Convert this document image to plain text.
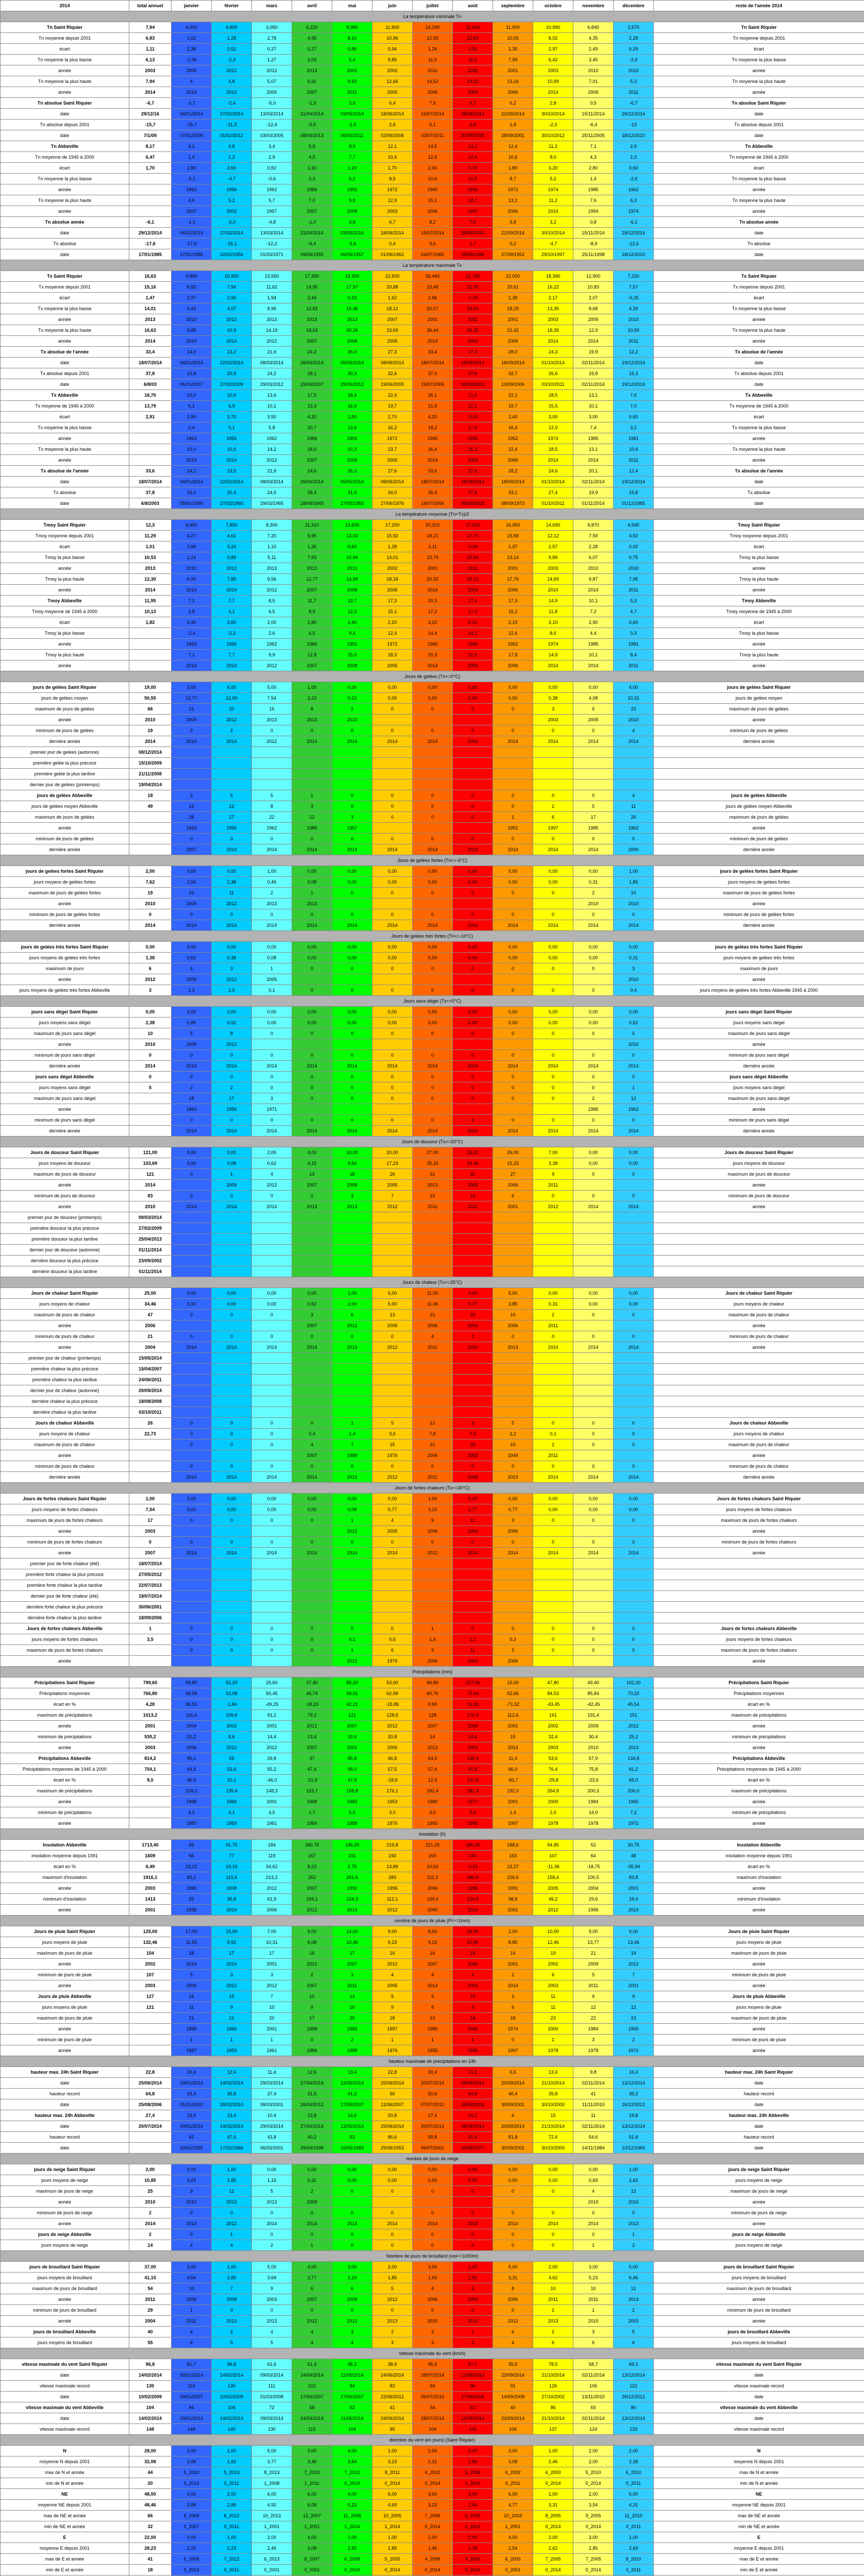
2014	total annuel	janvier	février	mars	avril	mai	juin	juillet	août	septembre	octobre	novembre	décembre	reste de l'année 2014
La température minimale Tn														
Tn Saint Riquier	7,94	4,000	4,800	3,050	5,220	8,960	11,900	14,190	12,640	11,900	10,990	6,840	2,570	Tn Saint Riquier
Tn moyenne depuis 2001	6,83	1,62	1,28	2,78	4,95	8,10	10,96	12,93	12,63	10,55	8,02	4,35	2,28	Tn moyenne depuis 2001
écart	1,11	2,38	3,52	0,27	0,27	0,86	0,94	1,26	0,01	1,35	2,97	2,49	0,29	écart
Tn moyenne la plus basse	6,13	-1,96	-2,3	1,27	3,03	5,4	9,85	11,5	11,2	7,99	6,42	3,45	-2,9	Tn moyenne la plus basse
année	2003	2009	2012	2013	2013	2001	2002	2011	2005	2001	2003	2010	2010	année
Tn moyenne la plus haute	7,94	4	4,8	5,07	6,91	9,93	12,66	14,52	14,02	13,16	10,99	7,01	5,3	Tn moyenne la plus haute
année	2014	2014	2014	2005	2007	2011	2005	2006	2004	2006	2014	2006	2011	année
Tn absolue Saint Riquier	-6,7	-1,7	-2,4	-5,0	-1,3	3,6	6,4	7,9	6,7	6,2	2,8	0,5	-6,7	Tn absolue Saint Riquier
date	29/12/16	04/01/2014	27/02/2014	13/03/2014	21/04/2014	03/05/2014	18/06/2014	15/07/2014	25/08/2014	21/09/2014	30/10/2014	15/11/2014	29/12/2014	date
Tn absolue depuis 2001	-15,7	-15,7	-11,3	-12,4	-5,5	-1,9	2,8	5,1	3,8	1,8	-2,3	-6,4	-13	Tn absolue depuis 2001
date	7/1/09	07/01/2009	01/02/2012	03/03/2005	08/04/2013	06/05/2011	02/06/2006	03/07/2011	30/08/2006	28/09/2001	30/10/2012	25/11/2005	18/12/2010	date
Tn Abbeville	8,17	4,2	4,8	3,4	5,8	8,9	12,1	14,5	13,1	12,4	11,2	7,1	2,9	Tn Abbeville
Tn moyenne de 1945 à 2000	6,47	1,4	1,3	2,9	4,5	7,7	10,4	12,5	12,4	10,6	8,0	4,3	2,3	Tn moyenne de 1945 à 2000
écart	1,70	2,80	3,50	0,50	1,30	1,20	1,70	2,00	0,70	1,80	3,20	2,80	0,60	écart
Tn moyenne la plus basse		-5,1	-4,7	-0,6	2,3	5,2	8,5	10,6	10,5	8,7	5,2	1,4	-2,6	Tn moyenne la plus basse
année		1963	1956	1962	1986	1991	1972	1965	1956	1972	1974	1985	1962	année
Tn moyenne la plus haute		4,6	5,2	5,7	7,0	9,8	12,9	15,1	14,7	13,2	11,2	7,6	6,3	Tn moyenne la plus haute
année		2007	2002	1957	2007	2008	2003	2006	1997	2006	2014	1994	1974	année
Tn absolue année	-6,1	-1,5	-2,0	-4,8	-1,0	3,8	6,7	8,2	7,0	6,8	3,2	0,8	-6,1	Tn absolue année
date	29/12/2014	04/01/2014	27/02/2014	13/03/2014	21/04/2014	03/05/2014	18/06/2014	15/07/2014	25/08/2014	21/09/2014	30/10/2014	15/11/2014	29/12/2014	date
Tn absolue	-17,6	-17,6	-15,1	-12,2	-6,4	-3,6	0,4	3,6	2,7	0,2	-4,7	-8,9	-12,6	Tn absolue
date	17/01/1985	17/01/1985	02/02/1956	01/03/1971	09/04/1955	06/05/1957	01/06/1962	04/07/1965	29/08/1986	27/09/1952	29/10/1997	25/11/1998	18/12/2010	date
La température maximale Tx														
Tx Saint Riquier	16,63	9,890	10,900	13,560	17,390	18,300	22,500	26,440	21,760	22,000	18,390	12,900	7,320	Tx Saint Riquier
Tx moyenne depuis 2001	15,16	6,92	7,94	11,62	14,95	17,97	20,88	23,48	22,76	20,61	16,22	10,83	7,57	Tx moyenne depuis 2001
écart	1,47	2,97	2,96	1,94	2,44	0,33	1,62	2,96	-1,00	1,39	2,17	2,07	-0,25	écart
Tx moyenne la plus basse	14,01	4,43	4,07	8,96	12,82	15,46	18,12	20,07	19,53	18,29	13,35	8,68	4,39	Tx moyenne la plus basse
année	2013	2010	2012	2013	2013	2013	2007	2001	2011	2001	2003	2005	2010	année
Tx moyenne la plus haute	16,63	9,89	10,9	14,19	18,63	20,26	23,69	26,44	26,25	22,42	18,39	12,9	10,59	Tx moyenne la plus haute
année	2014	2014	2014	2012	2007	2008	2005	2014	2003	2006	2014	2014	2011	année
Tx absolue de l'année	33,4	14,0	13,2	21,6	24,2	26,0	27,3	33,4	27,3	28,0	24,3	19,9	12,2	Tx absolue de l'année
date	18/07/2014	04/01/2014	22/02/2014	08/03/2014	26/04/2014	05/05/2014	08/06/2014	18/07/2014	16/08/2014	18/09/2014	01/10/2014	02/11/2014	19/12/2014	date
Tx absolue depuis 2001	37,8	15,8	20,9	24,2	28,1	30,3	32,6	37,5	37,8	32,7	26,6	19,8	15,3	Tx absolue depuis 2001
date	6/8/03	05/01/2007	27/02/2009	29/03/2012	15/04/2007	25/05/2012	19/06/2005	19/07/2006	06/08/2003	13/09/2006	03/10/2011	02/11/2014	19/12/2014	date
Tx Abbeville	16,70	10,0	10,6	13,6	17,5	18,4	22,4	26,1	21,6	22,1	18,5	13,1	7,6	Tx Abbeville
Tx moyenne de 1945 à 2000	13,79	6,1	6,9	10,1	13,3	16,9	19,7	21,9	22,1	19,7	15,5	10,1	7,0	Tx moyenne de 1945 à 2000
écart	2,91	3,90	3,70	3,50	4,20	1,50	2,70	4,20	-0,50	2,40	3,00	3,00	0,60	écart
Tx moyenne la plus basse		0,4	0,1	5,8	10,7	13,6	16,2	18,2	17,9	16,4	12,0	7,4	3,2	Tx moyenne la plus basse
année		1963	1956	1962	1986	1991	1972	1965	1956	1952	1974	1985	1981	année
Tx moyenne la plus haute		10,0	10,6	14,2	18,6	20,3	23,7	26,4	26,3	22,4	18,5	13,1	10,6	Tx moyenne la plus haute
année		2014	2014	2012	2007	2008	2005	2014	2003	2006	2014	2014	2011	année
Tx absolue de l'année	33,6	14,2	13,5	21,9	24,6	26,3	27,6	33,6	27,6	28,2	24,6	20,1	12,4	Tx absolue de l'année
date	18/07/2014	04/01/2014	22/02/2014	08/03/2014	26/04/2014	05/05/2014	08/06/2014	18/07/2014	16/08/2014	18/09/2014	01/10/2014	02/11/2014	19/12/2014	date
Tx absolue	37,8	15,2	20,4	24,5	28,4	31,0	34,0	36,4	37,8	33,1	27,4	19,9	15,8	Tx absolue
date	6/8/2003	05/01/1999	27/02/1960	29/03/1965	18/04/1949	27/05/1953	27/06/1976	19/07/2006	06/08/2003	08/09/1973	01/10/2011	01/11/2014	01/12/1985	date
La température moyenne (Tn+Tx)/2														
Tmoy Saint Riquier	12,3	6,950	7,850	8,300	11,310	13,630	17,200	20,315	17,200	16,950	14,690	9,870	4,945	Tmoy Saint Riquier
Tmoy moyenne depuis 2001	11,29	4,27	4,61	7,20	9,95	13,03	15,92	18,21	17,70	15,58	12,12	7,59	4,92	Tmoy moyenne depuis 2001
écart	1,01	2,68	3,24	1,10	1,36	0,60	1,28	2,11	-0,50	1,37	2,57	2,28	0,02	écart
Tmoy la plus basse	10,53	1,24	0,89	5,11	7,93	10,94	14,01	15,79	15,54	13,14	9,89	6,07	0,75	Tmoy la plus basse
année	2013	2010	2012	2013	2013	2013	2002	2001	2011	2001	2003	2010	2010	année
Tmoy la plus haute	12,30	6,95	7,85	9,56	12,77	14,99	18,18	20,32	20,12	17,79	14,69	9,87	7,95	Tmoy la plus haute
année	2014	2014	2014	2012	2007	2008	2005	2014	2003	2006	2014	2014	2011	année
Tmoy Abbeville	11,95	7,1	7,7	8,5	11,7	13,7	17,3	20,3	17,4	17,3	14,9	10,1	5,3	Tmoy Abbeville
Tmoy moyenne de 1945 à 2000	10,13	3,8	4,1	6,5	8,9	12,3	15,1	17,2	17,3	15,2	11,8	7,2	4,7	Tmoy moyenne de 1945 à 2000
écart	1,82	3,30	3,60	2,00	2,80	1,40	2,20	3,10	0,10	2,10	3,10	2,90	0,60	écart
Tmoy la plus basse		-2,4	-2,3	2,6	6,5	9,4	12,4	14,4	14,2	12,6	8,6	4,4	0,3	Tmoy la plus basse
année		1963	1956	1962	1986	1991	1972	1965	1956	1952	1974	1985	1981	année
Tmoy la plus haute		7,1	7,7	9,9	12,8	15,0	18,3	20,3	20,5	17,8	14,9	10,1	8,4	Tmoy la plus haute
année		2014	2014	2012	2007	2008	2005	2014	2003	2006	2014	2014	2011	année
Jours de gelées (Tn<=0°C)														
jours de gelées Saint Riquier	19,00	3,00	6,00	5,00	1,00	0,00	0,00	0,00	0,00	0,00	0,00	0,00	4,00	jours de gelées Saint Riquier
jours de gelées moyen	50,55	12,77	12,00	7,54	3,23	0,23	0,00	0,00	0,00	0,00	0,38	4,08	10,31	jours de gelées moyen
maximum de jours de gelées	66	21	20	15	8	2	0	0	0	0	3	9	23	maximum de jours de gelées
année	2010	2009	2012	2013	2013	2010					2003	2005	2010	année
minimum de jours de gelées	19	3	2	0	0	0	0	0	0	0	0	0	4	minimum de jours de gelées
dernière année	2014	2014	2014	2012	2014	2014	2014	2014	2014	2014	2014	2014	2014	dernière année
premier jour de gelées (automne)	08/12/2014													
première gelée la plus précoce	15/10/2009													
première gelée la plus tardive	21/11/2008													
dernier jour de gelées (printemps)	19/04/2014													
jours de gelées Abbeville	18	3	5	5	1	0	0	0	0	0	0	0	4	jours de gelées Abbeville
jours de gelées moyen Abbeville	49	13	12	8	3	0	0	0	0	0	1	5	11	jours de gelées moyen Abbeville
maximum de jours de gelées		29	27	22	12	3	0	0	0	1	6	17	26	maximum de jours de gelées
année		1963	1956	1962	1986	1957				1952	1997	1985	1962	année
minimum de jours de gelées		0	0	0	0	0	0	0	0	0	0	0	0	minimum de jours de gelées
dernière année		2007	2014	2014	2014	2014	2014	2014	2014	2014	2014	2014	2000	dernière année
Jours de gelées fortes (Tn<=-5°C)														
jours de gelées fortes Saint Riquier	2,00	0,00	0,00	1,00	0,00	0,00	0,00	0,00	0,00	0,00	0,00	0,00	1,00	jours de gelées fortes Saint Riquier
jours moyens de gelées fortes	7,62	2,54	2,38	0,46	0,08	0,00	0,00	0,00	0,00	0,00	0,00	0,31	1,85	jours moyens de gelées fortes
maximum de jours de gelées fortes	19	10	11	2	1	0	0	0	0	0	0	2	10	maximum de jours de gelées fortes
année	2010	2009	2012	2013	2013							2010	2010	année
minimum de jours de gelées fortes	0	0	0	0	0	0	0	0	0	0	0	0	0	minimum de jours de gelées fortes
dernière année	2014	2014	2014	2014	2014	2014	2014	2014	2014	2014	2014	2014	2014	dernière année
Jours de gelées très fortes (Tn<=-10°C)														
jours de gelées très fortes Saint Riquier	0,00	0,00	0,00	0,00	0,00	0,00	0,00	0,00	0,00	0,00	0,00	0,00	0,00	jours de gelées très fortes Saint Riquier
jours moyens de gelées très fortes	1,38	0,62	0,38	0,08	0,00	0,00	0,00	0,00	0,00	0,00	0,00	0,00	0,31	jours moyens de gelées très fortes
maximum de jours	6	4	3	1	0	0	0	0	0	0	0	0	3	maximum de jours
année	2012	2009	2012	2005									2010	année
jours moyens de gelées très fortes Abbeville	3	1,3	1,0	0,1	0	0	0	0	0	0	0	0	0,4	jours moyens de gelées très fortes Abbeville 1945 à 2000
Jours sans dégel (Tx<=0°C)														
jours sans dégel Saint Riquier	0,00	0,00	0,00	0,00	0,00	0,00	0,00	0,00	0,00	0,00	0,00	0,00	0,00	jours sans dégel Saint Riquier
jours moyens sans dégel	2,38	0,85	0,92	0,00	0,00	0,00	0,00	0,00	0,00	0,00	0,00	0,00	0,62	jours moyens sans dégel
maximum de jours sans dégel	10	5	8	0	0	0	0	0	0	0	0	0	5	maximum de jours sans dégel
année	2010	2009	2012										2010	année
minimum de jours sans dégel	0	0	0	0	0	0	0	0	0	0	0	0	0	minimum de jours sans dégel
dernière année	2014	2014	2014	2014	2014	2014	2014	2014	2014	2014	2014	2014	2014	dernière année
jours sans dégel Abbeville	0	0	0	0	0	0	0	0	0	0	0	0	0	jours sans dégel Abbeville
jours moyens sans dégel	5	2	2	0	0	0	0	0	0	0	0	0	1	jours moyens sans dégel
maximum de jours sans dégel		18	17	3	0	0	0	0	0	0	0	2	12	maximum de jours sans dégel
année		1963	1956	1971								1985	1962	année
minimum de jours sans dégel		0	0	0	0	0	0	0	0	0	0	0	0	minimum de jours sans dégel
dernière année		2014	2014	2014	2014	2014	2014	2014	2014	2014	2014	2014	2014	dernière année
Jours de douceur (Tx>=20°C)														
Jours de douceur Saint Riquier	121,00	0,00	0,00	2,00	4,00	10,00	20,00	27,00	25,00	26,00	7,00	0,00	0,00	Jours de douceur Saint Riquier
jours moyens de douceur	103,69	0,00	0,08	0,62	4,15	9,54	17,23	25,15	24,46	15,23	3,38	0,00	0,00	jours moyens de douceur
maximum de jours de douceur	121	0	1	4	13	18	26	31	31	27	9	0	0	maximum de jours de douceur
année	2014		2009	2012	2007	2008	2005	2013	2003	2006	2011			année
minimum de jours de douceur	83	0	0	0	0	3	7	15	16	6	0	0	0	minimum de jours de douceur
année	2010	2014	2014	2014	2013	2013	2012	2011	2011	2001	2012	2014	2014	année
premier jour de douceur (printemps)	09/03/2014													
première douceur la plus précoce	27/02/2009													
première douceur la plus tardive	25/04/2013													
dernier jour de douceur (automne)	01/11/2014													
dernière douceur la plus précoce	23/09/2002													
dernière douceur la plus tardive	01/11/2014													
Jours de chaleur (Tx>=25°C)														
Jours de chaleur Saint Riquier	25,00	0,00	0,00	0,00	0,00	1,00	5,00	11,00	3,00	5,00	0,00	0,00	0,00	Jours de chaleur Saint Riquier
jours moyens de chaleur	34,46	0,00	0,00	0,00	0,62	2,00	5,00	11,46	9,77	3,85	0,31	0,00	0,00	jours moyens de chaleur
maximum de jours de chaleur	47	0	0	0	3	6	13	21	20	10	2	0	0	maximum de jours de chaleur
année	2006				2007	2012	2005	2006	2003	2006	2011			année
minimum de jours de chaleur	21	0	0	0	0	0	0	4	2	0	0	0	0	minimum de jours de chaleur
année	2004	2014	2014	2014	2014	2013	2012	2011	2010	2013	2014	2014	2014	année
premier jour de chaleur (printemps)	15/05/2014													
première chaleur la plus précoce	15/04/2007													
première chaleur la plus tardive	24/06/2011													
dernier jour de chaleur (automne)	20/09/2014													
dernière chaleur la plus précoce	18/08/2008													
dernière chaleur la plus tardive	03/10/2011													
Jours de chaleur Abbeville	26	0	0	0	0	1	5	12	3	5	0	0	0	Jours de chaleur Abbeville
jours moyens de chaleur	22,73	0	0	0	0,4	1,4	3,6	7,8	7,3	2,2	0,1	0	0	jours moyens de chaleur
maximum de jours de chaleur		0	0	0	4	7	15	21	20	10	2	0	0	maximum de jours de chaleur
année					2007	1989	1976	2006	2003	1949	2011			année
minimum de jours de chaleur		0	0	0	0	0	0	0	0	0	0	0	0	minimum de jours de chaleur
dernière année		2014	2014	2014	2014	2013	2012	2011	2008	2013	2014	2014	2014	dernière année
Jours de fortes chaleurs (Tx>=30°C)														
Jours de fortes chaleurs Saint Riquier	1,00	0,00	0,00	0,00	0,00	0,00	0,00	1,00	0,00	0,00	0,00	0,00	0,00	Jours de fortes chaleurs Saint Riquier
jours moyens de fortes chaleurs	7,54	0,00	0,00	0,00	0,00	0,08	0,77	3,15	2,77	0,77	0,00	0,00	0,00	jours moyens de fortes chaleurs
maximum de jours de fortes chaleurs	17	0	0	0	0	1	4	9	11	3	0	0	0	maximum de jours de fortes chaleurs
année	2003					2012	2005	2006	2003	2006				année
minimum de jours de fortes chaleurs	0	0	0	0	0	0	0	0	0	0	0	0	0	minimum de jours de fortes chaleurs
année	2007	2014	2014	2014	2014	2014	2014	2012	2014	2014	2014	2014	2014	année
premier jour de forte chaleur (été)	18/07/2014													
première forte chaleur la plus précoce	27/05/2012													
première forte chaleur la plus tardive	22/07/2013													
dernier jour de forte chaleur (été)	18/07/2014													
dernière forte chaleur la plus précoce	30/06/2001													
dernière forte chaleur la plus tardive	18/09/2006													
Jours de fortes chaleurs Abbeville	1	0	0	0	0	0	0	1	0	0	0	0	0	Jours de fortes chaleurs Abbeville
jours moyens de fortes chaleurs	3,5	0	0	0	0	0,1	0,6	1,4	1,1	0,3	0	0	0	jours moyens de fortes chaleurs
maximum de jours de fortes chaleurs		0	0	0	0	1	6	9	11	3	0	0	0	maximum de jours de fortes chaleurs
année						2012	1976	2006	2003	2006				année
Précipitations (mm)														
Précipitations Saint Riquier	799,60	99,80	52,20	25,60	37,40	85,20	53,00	66,80	127,00	15,00	47,80	49,40	102,20	Précipitations Saint Riquier
Précipitations moyennes	766,80	68,58	53,08	50,45	45,74	59,91	62,99	60,76	72,04	52,66	84,53	85,84	70,22	Précipitations moyennes
écart en %	4,28	45,53	-1,66	-49,25	-18,23	42,21	-15,86	9,94	76,29	-71,52	-43,45	-42,45	45,54	écart en %
maximum de précipitations	1013,2	116,4	109,6	91,2	79,2	121	128,6	128	172,4	112,6	161	191,4	151	maximum de précipitations
année	2001	2004	2002	2001	2012	2007	2012	2007	2006	2001	2002	2009	2012	année
minimum de précipitations	530,2	20,2	8,6	14,4	13,4	19,6	20,8	14	14,4	15	32,4	30,4	25,2	minimum de précipitations
année	2003	2006	2012	2012	2007	2001	2005	2013	2003	2014	2003	2010	2013	année
Précipitations Abbeville	814,2	95,2	59	29,8	37	85,8	46,8	64,5	138,4	11,4	53,6	57,9	134,8	Précipitations Abbeville
Précipitations moyennes de 1945 à 2000	754,1	64,8	53,6	55,2	47,4	58,0	57,5	57,4	60,8	66,0	76,4	75,8	81,2	Précipitations moyennes de 1945 à 2000
écart en %	8,0	46,9	10,1	-46,0	-21,9	47,9	-18,6	12,4	127,6	-82,7	-29,8	-23,6	66,0	écart en %
maximum de précipitations		159,1	139,4	148,3	123,7	158,8	176,1	182,4	181,4	192,0	264,8	200,3	206,0	maximum de précipitations
année		1988	1966	2001	1998	1983	1953	1980	1977	2001	2000	1984	1965	année
minimum de précipitations		4,3	4,1	4,5	1,7	5,5	3,0	3,0	3,4	1,4	2,0	14,0	7,2	minimum de précipitations
année		1987	1959	1961	1984	1989	1976	1955	1995	1997	1978	1978	1972	année
Insolation (h)														
Insolation Abbeville	1713,40	69	91,75	184	180,75	196,25	219,8	221,25	185,25	188,6	94,85	52	30,75	Insolation Abbeville
insolation moyenne depuis 1991	1609	56	77	119	167	191	193	200	194	153	107	64	48	insolation moyenne depuis 1991
écart en %	6,49	23,21	19,16	54,62	8,23	2,75	13,89	10,63	-4,51	23,27	-11,36	-18,75	-35,94	écart en %
maximum d'insolation	1916,1	83,2	119,6	213,2	262	261,6	283	311,2	280,9	226,5	158,4	100,5	83,8	maximum d'insolation
année	2003	1996	2008	2012	2007	1992	1996	2006	1995	1991	2005	2004	2001	année
minimum d'insolation	1413	25	36,8	61,9	104,1	124,3	112,1	139,4	124,6	98,8	49,2	29,6	18,4	minimum d'insolation
année	2001	1998	2014	2006	2012	2013	2012	2000	2014	2001	2012	1996	2014	année
nombre de jours de pluie (Pr>=1mm)														
Jours de pluie Saint Riquier	125,00	17,00	15,00	7,00	9,00	14,00	9,00	8,00	16,00	2,00	10,00	9,00	9,00	Jours de pluie Saint Riquier
jours moyens de pluie	132,46	11,92	9,92	10,31	9,08	10,46	9,23	9,15	10,85	8,85	12,46	13,77	13,46	jours moyens de pluie
maximum de jours de pluie	154	18	17	17	16	17	16	16	18	14	19	21	19	maximum de jours de pluie
année	2002	2014	2014	2001	2012	2007	2012	2007	2006	2001	2002	2009	2012	année
minimum de jours de pluie	107	5	3	3	2	3	4	4	4	2	6	5	7	minimum de jours de pluie
année	2003	2006	2012	2012	2007	2011	2005	2013	2003	2014	2003	2011	2001	année
Jours de pluie Abbeville	127	16	15	7	10	14	9	9	15	3	11	9	9	Jours de pluie Abbeville
jours moyens de pluie	121	11	9	10	9	10	9	8	9	9	11	12	12	jours moyens de pluie
maximum de jours de pluie		21	21	20	17	20	18	19	18	18	23	22	23	maximum de jours de pluie
année		1988	1966	2001	1998	1983	1997	1980	2006	1974	2000	1984	1965	année
minimum de jours de pluie		1	1	1	0	2	1	1	1	0	1	3	2	minimum de jours de pluie
année		1987	1959	1961	1984	1989	1976	1955	1995	1997	1978	1978	1972	année
hauteur maximale de précipitations en 24h														
hauteur max. 24h Saint Riquier	22,8	20,4	12,6	11,4	12,6	13,4	22,8	20,4	21,2	6,6	13,4	9,8	16,4	hauteur max. 24h Saint Riquier
date	25/06/2014	03/01/2014	14/02/2014	29/03/2014	27/04/2014	12/05/2014	25/06/2014	20/07/2014	09/08/2014	20/09/2014	21/10/2014	02/11/2014	13/12/2014	date
hauteur record	64,8	33,4	35,8	27,4	31,6	41,2	50	50,6	64,8	40,4	39,8	41	39,2	hauteur record
date	25/08/2006	01/01/2003	28/02/2010	08/03/2001	26/04/2012	27/05/2007	11/06/2007	07/07/2012	25/08/2006	30/09/2001	30/10/2000	11/11/2010	26/12/2012	date
hauteur max. 24h Abbeville	27,4	19,6	13,4	10,4	13,8	14,6	20,8	27,4	24,2	6	15	11	19,8	hauteur max. 24h Abbeville
date	20/07/2014	03/01/2014	14/02/2014	29/03/2014	27/04/2014	12/05/2014	25/06/2014	20/07/2014	09/08/2014	20/09/2014	21/10/2014	02/11/2014	13/12/2014	date
hauteur record		42	47,6	43,8	40,2	53	86,6	58,8	65,4	81,8	72,4	54,6	51,8	hauteur record
date		20/01/1995	17/02/1966	06/03/2001	29/04/1998	16/05/1983	25/06/1953	06/07/2001	04/08/1977	30/09/2001	30/10/2000	14/11/1984	10/12/1965	date
nombre de jours de neige														
jours de neige Saint Riquier	2,00	0,00	1,00	0,00	0,00	0,00	0,00	0,00	0,00	0,00	0,00	0,00	1,00	jours de neige Saint Riquier
jours moyens de neige	10,85	3,23	2,85	1,15	0,31	0,00	0,00	0,00	0,00	0,00	0,00	0,69	2,62	jours moyens de neige
maximum de jours de neige	25	9	12	5	2	0	0	0	0	0	0	4	12	maximum de jours de neige
année	2010	2010	2013	2013	2008							2010	2010	année
minimum de jours de neige	2	0	0	0	0	0	0	0	0	0	0	0	0	minimum de jours de neige
année	2014	2014	2012	2014	2014	2014	2014	2014	2014	2014	2014	2014	2013	année
jours de neige Abbeville	2	0	1	0	0	0	0	0	0	0	0	0	1	jours de neige Abbeville
jours moyens de neige	14	4	4	2	1	0	0	0	0	0	0	1	2	jours moyens de neige
Nombre de jours de brouillard (visi<=1000m)														
jours de brouillard Saint Riquier	37,00	3,00	1,00	5,00	4,00	3,00	2,00	3,00	1,00	5,00	2,00	3,00	5,00	jours de brouillard Saint Riquier
jours moyens de brouillard	41,15	4,54	2,85	3,69	2,77	2,23	1,85	1,69	1,92	3,31	4,62	5,23	6,46	jours moyens de brouillard
maximum de jours de brouillard	54	10	7	9	6	6	5	4	6	8	10	10	12	maximum de jours de brouillard
année	2011	2006	2008	2003	2007	2008	2012	2006	2003	2006	2011	2011	2013	année
minimum de jours de brouillard	29	1	0	0	0	0	0	0	0	0	1	1	2	minimum de jours de brouillard
année	2004	2011	2013	2013	2012	2012	2013	2010	2014	2012	2013	2010	2002	année
jours de brouillard Abbeville	40	4	2	4	4	3	2	3	2	6	2	3	5	jours de brouillard Abbeville
jours moyens de brouillard	55	6	5	5	4	4	3	3	3	4	6	6	6	jours moyens de brouillard
vitesse maximale du vent (km/h)														
vitesse maximale du vent Saint Riquier	96,8	81,7	96,8	61,6	51,4	45,2	38,9	45,9	57,7	35,5	78,5	58,7	69,3	vitesse maximale du vent Saint Riquier
date	14/02/2014	03/01/2014	14/02/2014	09/03/2014	24/04/2014	11/05/2014	24/06/2014	28/07/2014	12/08/2014	23/09/2014	21/10/2014	02/11/2014	13/12/2014	date
vitesse maximale record	130	119	130	111	102	94	83	94	96	91	126	106	122	vitesse maximale record
date	10/02/2009	18/01/2007	10/02/2009	01/03/2008	17/04/2007	27/05/2007	22/06/2012	06/07/2010	27/08/2006	14/09/2008	27/10/2002	13/11/2010	26/12/2012	date
vitesse maximale du vent Abbeville	104	94	104	72	58	52	41	54	62	40	86	65	80	vitesse maximale du vent Abbeville
date	14/02/2014	03/01/2014	14/02/2014	09/03/2014	24/04/2014	11/05/2014	24/06/2014	28/07/2014	12/08/2014	23/09/2014	21/10/2014	02/11/2014	13/12/2014	date
vitesse maximale record	148	148	140	130	115	104	95	104	106	106	137	124	133	vitesse maximale record
direction du vent (en jours) (Saint Riquier)														
N	28,00	2,00	1,00	5,00	3,00	4,00	1,00	2,00	2,00	3,00	1,00	2,00	2,00	N
moyenne N depuis 2001	32,08	2,08	1,92	3,77	3,46	3,54	3,23	2,31	1,85	3,08	2,46	2,00	2,38	moyenne N depuis 2001
max de N et année	44	5_2010	5_2013	8_2013	7_2013	7_2012	8_2011	4_2012	5_2008	6_2002	6_2003	5_2010	6_2010	max de N et année
min de N et année	20	0_2014	0_2011	1_2008	1_2011	0_2014	0_2014	0_2014	0_2014	0_2011	0_2014	0_2014	0_2011	min de N et année
NE	48,00	4,00	2,00	6,00	6,00	4,00	6,00	3,00	3,00	6,00	1,00	2,00	5,00	NE
moyenne NE depuis 2001	48,46	3,08	2,85	4,92	6,08	5,23	4,69	3,23	2,46	4,77	3,31	3,54	4,31	moyenne NE depuis 2001
max de NE et année	66	8_2009	8_2012	10_2013	12_2007	11_2008	10_2005	7_2006	6_2005	10_2003	8_2005	9_2005	11_2010	max de NE et année
min de NE et année	32	0_2007	0_2011	1_2001	1_2001	1_2014	1_2014	0_2014	0_2014	1_2001	0_2014	0_2014	0_2011	min de NE et année
E	22,00	0,00	1,00	2,00	4,00	2,00	1,00	2,00	0,00	4,00	2,00	3,00	1,00	E
moyenne E depuis 2001	28,23	2,15	2,23	2,46	3,08	2,92	1,85	1,46	1,38	2,54	2,62	2,85	2,69	moyenne E depuis 2001
max de E et année	41	6_2009	7_2012	6_2013	8_2007	6_2008	5_2005	4_2006	4_2005	6_2003	7_2005	7_2005	8_2010	max de E et année
min de E et année	18	0_2014	0_2011	0_2001	0_2001	0_2014	0_2014	0_2014	0_2014	0_2001	0_2014	0_2014	0_2011	min de E et année
